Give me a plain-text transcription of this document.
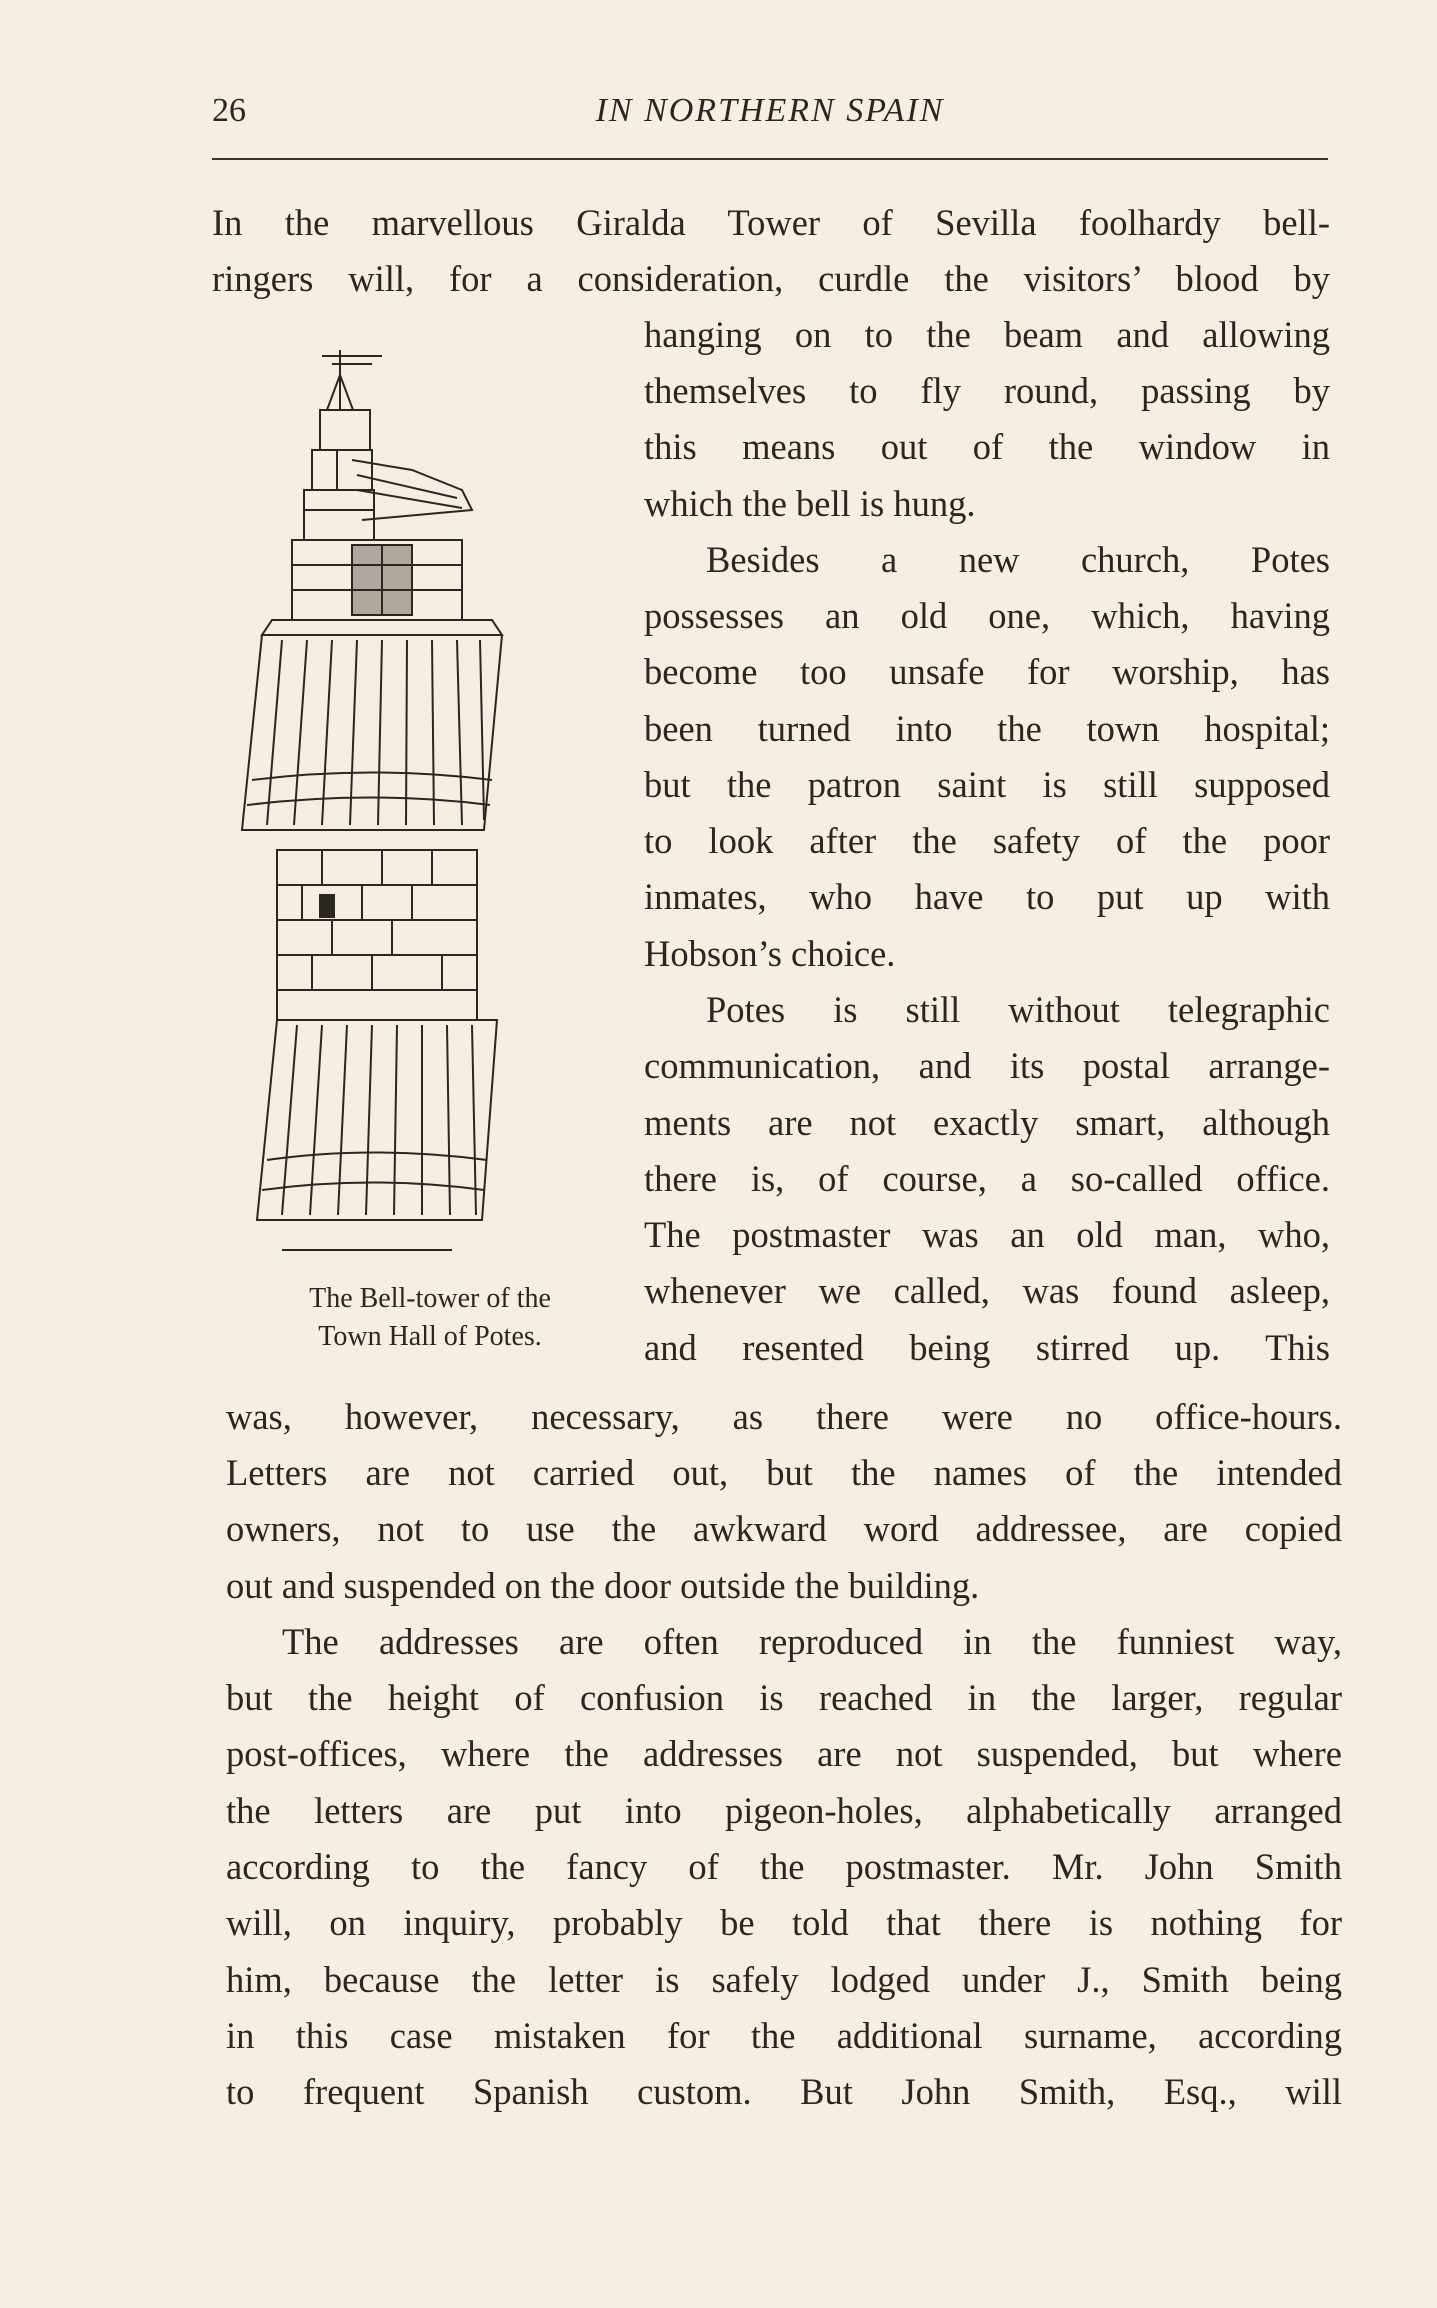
26	IN NORTHERN SPAIN
In the marvellous Giralda Tower of Sevilla foolhardy bell-
ringers will, for a consideration, curdle the visitors’ blood by
hanging on to the beam and allowing
themselves to fly round, passing by
this means out of the window in
which the bell is hung.
Besides a new church, Potes
possesses an old one, which, having
become too unsafe for worship, has
been turned into the town hospital;
but the patron saint is still supposed
to look after the safety of the poor
inmates, who have to put up with
Hobson’s choice.
Potes is still without telegraphic
communication, and its postal arrange-
ments are not exactly smart, although
there is, of course, a so-called office.
The postmaster was an old man, who,
whenever we called, was found asleep,
and resented being stirred up. This
was, however, necessary, as there were no office-hours.
Letters are not carried out, but the names of the intended
owners, not to use the awkward word addressee, are copied
out and suspended on the door outside the building.
The addresses are often reproduced in the funniest way,
but the height of confusion is reached in the larger, regular
post-offices, where the addresses are not suspended, but where
the letters are put into pigeon-holes, alphabetically arranged
according to the fancy of the postmaster. Mr. John Smith
will, on inquiry, probably be told that there is nothing for
him, because the letter is safely lodged under J., Smith being
in this case mistaken for the additional surname, according
to frequent Spanish custom. But John Smith, Esq., will
The Bell-tower of the
Town Hall of Potes.
